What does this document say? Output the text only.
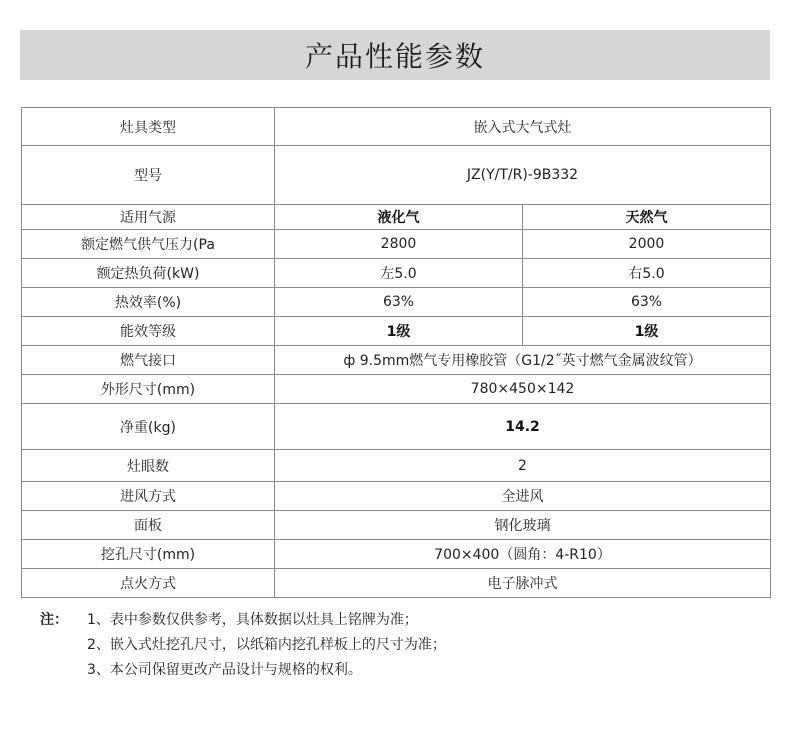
产品性能参数
灶具类型	嵌入式大气式灶	
型号	JZ(Y/T/R)-9B332	
适用气源	液化气	天然气
额定燃气供气压力(Pa	2800	2000
额定热负荷(kW)	左5.0	右5.0
热效率(%)	63%	63%
能效等级	1级	1级
燃气接口	ф 9.5mm燃气专用橡胶管（G1/2˝英寸燃气金属波纹管）	
外形尺寸(mm)	780×450×142	
净重(kg)	14.2	
灶眼数	2	
进风方式	全进风	
面板	钢化玻璃	
挖孔尺寸(mm)	700×400（圆角：4-R10）	
点火方式	电子脉冲式	
注： 1、表中参数仅供参考，具体数据以灶具上铭牌为准；
2、嵌入式灶挖孔尺寸，以纸箱内挖孔样板上的尺寸为准；
3、本公司保留更改产品设计与规格的权利。
